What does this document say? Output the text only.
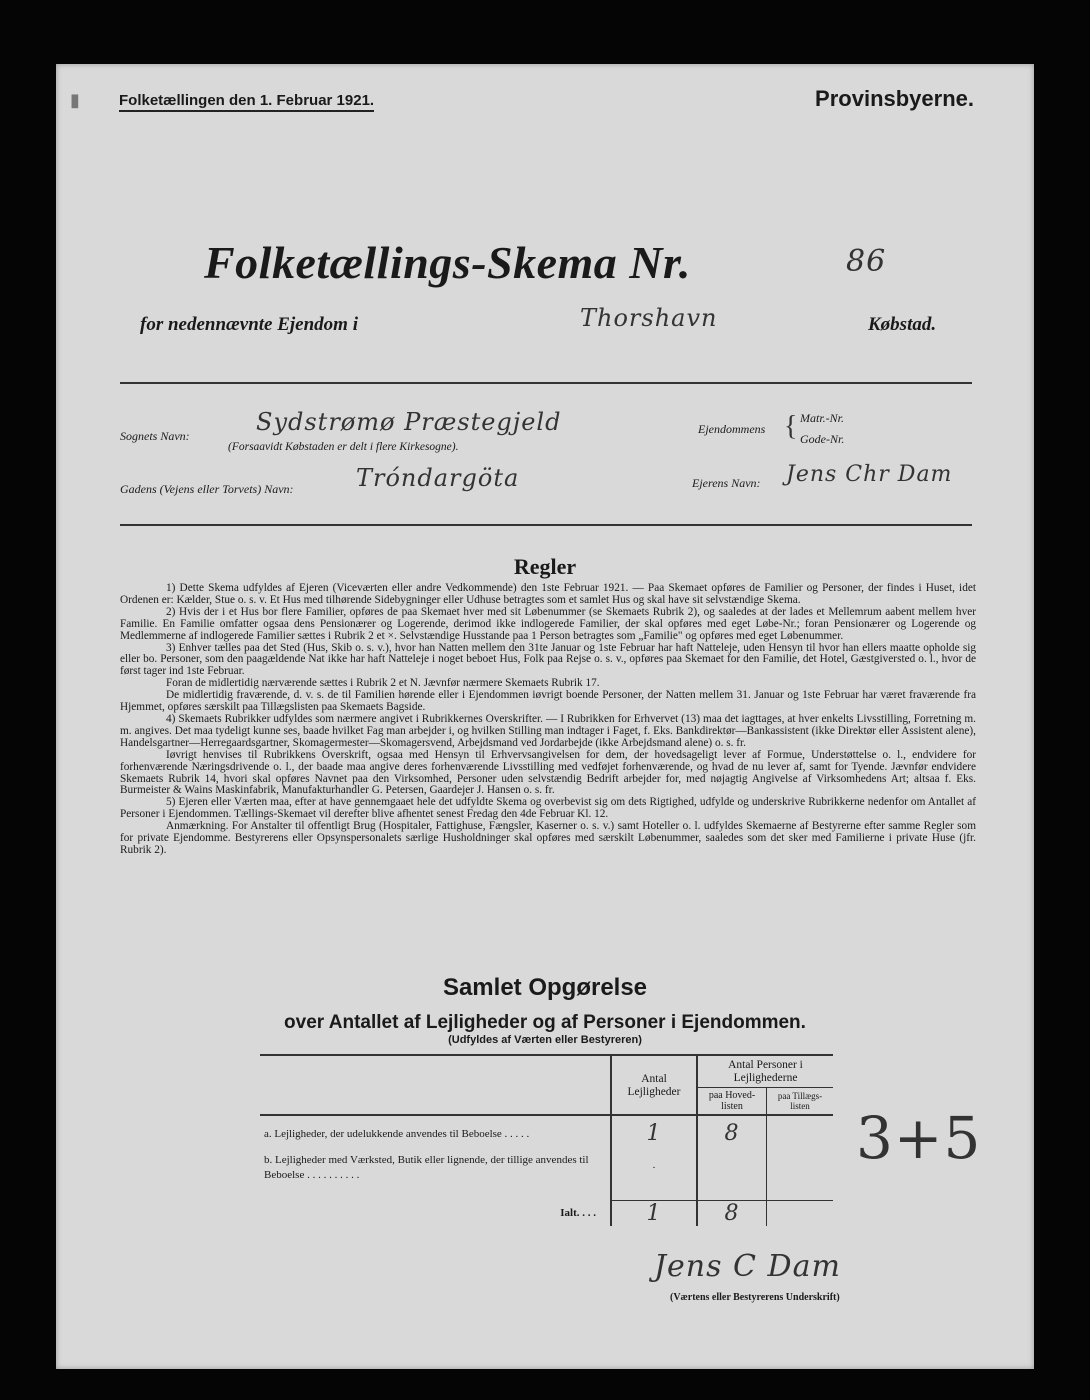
▮	Folketællingen den 1. Februar 1921.	Provinsbyerne.
Folketællings-Skema Nr.	86
for nedennævnte Ejendom i	Thorshavn	Købstad.
Sognets Navn:	Sydstrømø Præstegjeld
(Forsaavidt Købstaden er delt i flere Kirkesogne).
Ejendommens { Matr.-Nr.
Gode-Nr.
Gadens (Vejens eller Torvets) Navn:	Tróndargöta	Ejerens Navn: Jens Chr Dam
Regler

1) Dette Skema udfyldes af Ejeren (Viceværten eller andre Vedkommende) den 1ste Februar 1921. — Paa Skemaet opføres de Familier og Personer, der findes i Huset, idet Ordenen er: Kælder, Stue o. s. v. Et Hus med tilhørende Sidebygninger eller Udhuse betragtes som et samlet Hus og skal have sit selvstændige Skema.

2) Hvis der i et Hus bor flere Familier, opføres de paa Skemaet hver med sit Løbenummer (se Skemaets Rubrik 2), og saaledes at der lades et Mellemrum aabent mellem hver Familie. En Familie omfatter ogsaa dens Pensionærer og Logerende, derimod ikke indlogerede Familier, der skal opføres med eget Løbe-Nr.; foran Pensionærer og Logerende og Medlemmerne af indlogerede Familier sættes i Rubrik 2 et ×. Selvstændige Husstande paa 1 Person betragtes som „Familie" og opføres med eget Løbenummer.

3) Enhver tælles paa det Sted (Hus, Skib o. s. v.), hvor han Natten mellem den 31te Januar og 1ste Februar har haft Natteleje, uden Hensyn til hvor han ellers maatte opholde sig eller bo. Personer, som den paagældende Nat ikke har haft Natteleje i noget beboet Hus, Folk paa Rejse o. s. v., opføres paa Skemaet for den Familie, det Hotel, Gæstgiversted o. l., hvor de først tager ind 1ste Februar.

Foran de midlertidig nærværende sættes i Rubrik 2 et N. Jævnfør nærmere Skemaets Rubrik 17.

De midlertidig fraværende, d. v. s. de til Familien hørende eller i Ejendommen iøvrigt boende Personer, der Natten mellem 31. Januar og 1ste Februar har været fraværende fra Hjemmet, opføres særskilt paa Tillægslisten paa Skemaets Bagside.

4) Skemaets Rubrikker udfyldes som nærmere angivet i Rubrikkernes Overskrifter. — I Rubrikken for Erhvervet (13) maa det iagttages, at hver enkelts Livsstilling, Forretning m. m. angives. Det maa tydeligt kunne ses, baade hvilket Fag man arbejder i, og hvilken Stilling man indtager i Faget, f. Eks. Bankdirektør—Bankassistent (ikke Direktør eller Assistent alene), Handelsgartner—Herregaardsgartner, Skomagermester—Skomagersvend, Arbejdsmand ved Jordarbejde (ikke Arbejdsmand alene) o. s. fr.

Iøvrigt henvises til Rubrikkens Overskrift, ogsaa med Hensyn til Erhvervsangivelsen for dem, der hovedsageligt lever af Formue, Understøttelse o. l., endvidere for forhenværende Næringsdrivende o. l., der baade maa angive deres forhenværende Livsstilling med vedføjet forhenværende, og hvad de nu lever af, samt for Tyende. Jævnfør endvidere Skemaets Rubrik 14, hvori skal opføres Navnet paa den Virksomhed, Personer uden selvstændig Bedrift arbejder for, med nøjagtig Angivelse af Virksomhedens Art; altsaa f. Eks. Burmeister & Wains Maskinfabrik, Manufakturhandler G. Petersen, Gaardejer J. Hansen o. s. fr.

5) Ejeren eller Værten maa, efter at have gennemgaaet hele det udfyldte Skema og overbevist sig om dets Rigtighed, udfylde og underskrive Rubrikkerne nedenfor om Antallet af Personer i Ejendommen. Tællings-Skemaet vil derefter blive afhentet senest Fredag den 4de Februar Kl. 12.

Anmærkning. For Anstalter til offentligt Brug (Hospitaler, Fattighuse, Fængsler, Kaserner o. s. v.) samt Hoteller o. l. udfyldes Skemaerne af Bestyrerne efter samme Regler som for private Ejendomme. Bestyrerens eller Opsynspersonalets særlige Husholdninger skal opføres med særskilt Løbenummer, saaledes som det sker med Familierne i private Huse (jfr. Rubrik 2).

Samlet Opgørelse
over Antallet af Lejligheder og af Personer i Ejendommen.
(Udfyldes af Værten eller Bestyreren)

	Antal Lejligheder	Antal Personer i Lejlighederne	
		paa Hoved-listen	paa Tillægs-listen

a. Lejligheder, der udelukkende anvendes til Beboelse . . . . .	1	8	
b. Lejligheder med Værksted, Butik eller lignende, der tillige anvendes til Beboelse . . . . . . . . . .	·		

Ialt. . . .	1	8	
3+5
Jens C Dam
(Værtens eller Bestyrerens Underskrift)
